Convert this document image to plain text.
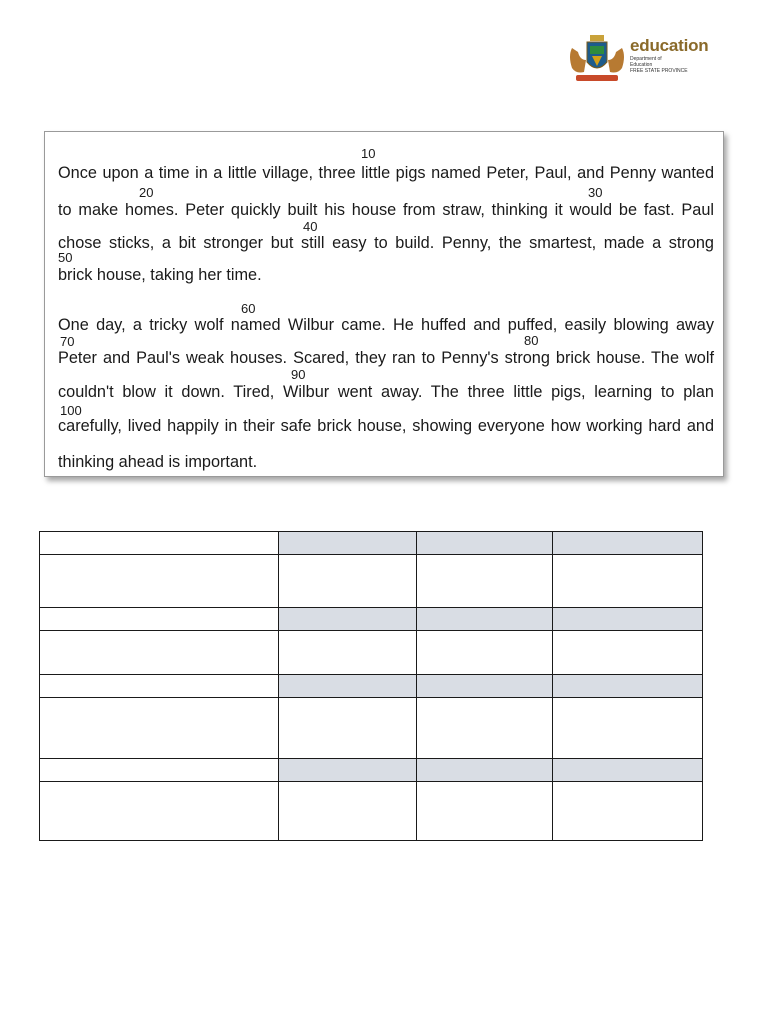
education
Department of
Education
FREE STATE PROVINCE
10
Once upon a time in a little village, three little pigs named Peter, Paul, and Penny wanted
20	30
to make homes. Peter quickly built his house from straw, thinking it would be fast. Paul
40
chose sticks, a bit stronger but still easy to build. Penny, the smartest, made a strong
50
brick house, taking her time.
60
One day, a tricky wolf named Wilbur came. He huffed and puffed, easily blowing away
70	80
Peter and Paul's weak houses. Scared, they ran to Penny's strong brick house. The wolf
90
couldn't blow it down. Tired, Wilbur went away. The three little pigs, learning to plan
100
carefully, lived happily in their safe brick house, showing everyone how working hard and
thinking ahead is important.
